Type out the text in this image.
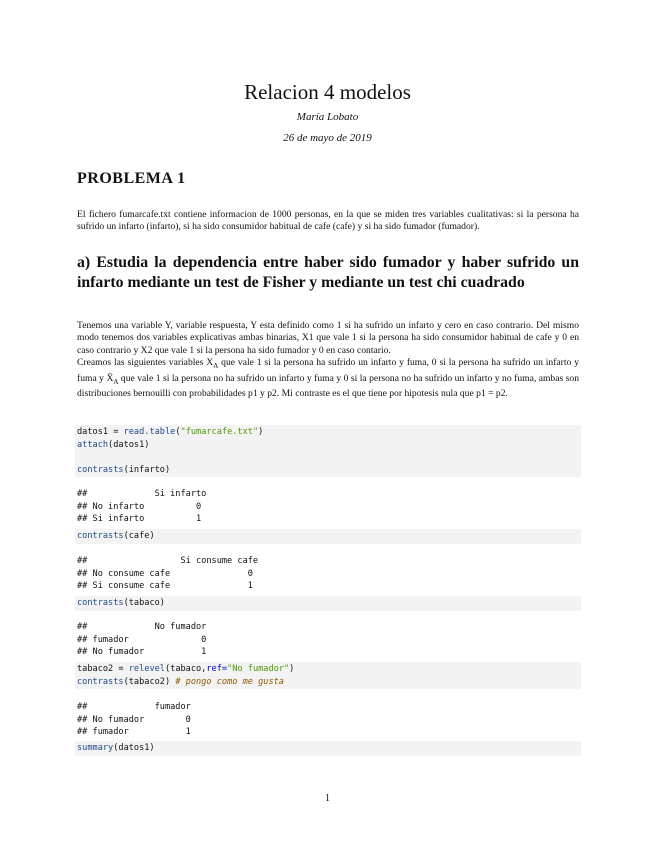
Relacion 4 modelos
María Lobato
26 de mayo de 2019
PROBLEMA 1
El fichero fumarcafe.txt contiene informacion de 1000 personas, en la que se miden tres variables cualitativas: si la persona ha sufrido un infarto (infarto), si ha sido consumidor habitual de cafe (cafe) y si ha sido fumador (fumador).
a) Estudia la dependencia entre haber sido fumador y haber sufrido un infarto mediante un test de Fisher y mediante un test chi cuadrado
Tenemos una variable Y, variable respuesta, Y esta definido como 1 si ha sufrido un infarto y cero en caso contrario. Del mismo modo tenemos dos variables explicativas ambas binarias, X1 que vale 1 si la persona ha sido consumidor habitual de cafe y 0 en caso contrario y X2 que vale 1 si la persona ha sido fumador y 0 en caso contario.
Creamos las siguientes variables $X_A$ que vale 1 si la persona ha sufrido un infarto y fuma, 0 si la persona ha sufrido un infarto y fuma y $X̄_A$ que vale 1 si la persona no ha sufrido un infarto y fuma y 0 si la persona no ha sufrido un infarto y no fuma, ambas son distribuciones bernouilli con probabilidades p1 y p2. Mi contraste es el que tiene por hipotesis nula que p1 = p2.
datos1 = read.table("fumarcafe.txt")
attach(datos1)

contrasts(infarto)
##             Si infarto
## No infarto          0
## Si infarto          1
contrasts(cafe)
##                  Si consume cafe
## No consume cafe               0
## Si consume cafe               1
contrasts(tabaco)
##             No fumador
## fumador              0
## No fumador           1
tabaco2 = relevel(tabaco,ref="No fumador")
contrasts(tabaco2) # pongo como me gusta
##             fumador
## No fumador        0
## fumador           1
summary(datos1)
1
